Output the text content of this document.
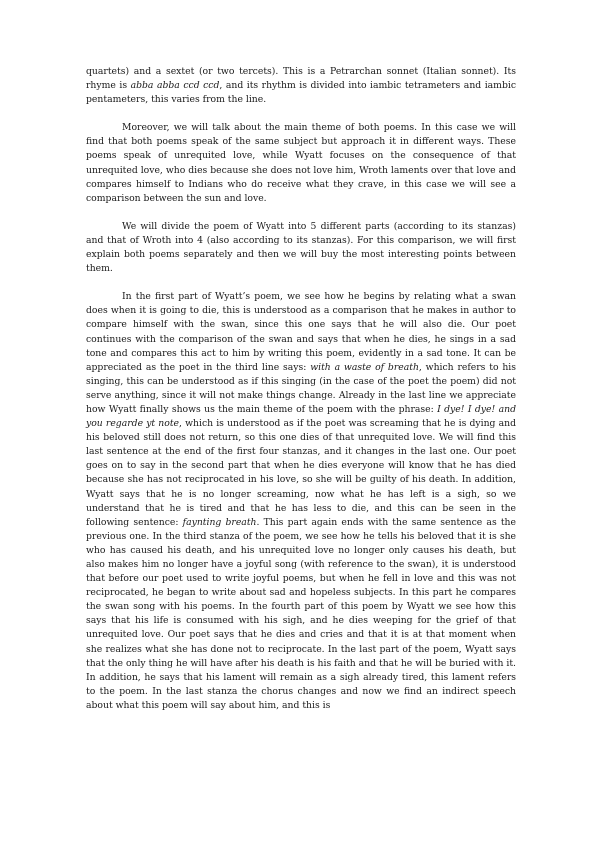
quartets) and a sextet (or two tercets). This is a Petrarchan sonnet (Italian sonnet). Its rhyme is abba abba ccd ccd, and its rhythm is divided into iambic tetrameters and iambic pentameters, this varies from the line.

Moreover, we will talk about the main theme of both poems. In this case we will find that both poems speak of the same subject but approach it in different ways. These poems speak of unrequited love, while Wyatt focuses on the consequence of that unrequited love, who dies because she does not love him, Wroth laments over that love and compares himself to Indians who do receive what they crave, in this case we will see a comparison between the sun and love.

We will divide the poem of Wyatt into 5 different parts (according to its stanzas) and that of Wroth into 4 (also according to its stanzas). For this comparison, we will first explain both poems separately and then we will buy the most interesting points between them.

In the first part of Wyatt’s poem, we see how he begins by relating what a swan does when it is going to die, this is understood as a comparison that he makes in author to compare himself with the swan, since this one says that he will also die. Our poet continues with the comparison of the swan and says that when he dies, he sings in a sad tone and compares this act to him by writing this poem, evidently in a sad tone. It can be appreciated as the poet in the third line says: with a waste of breath, which refers to his singing, this can be understood as if this singing (in the case of the poet the poem) did not serve anything, since it will not make things change. Already in the last line we appreciate how Wyatt finally shows us the main theme of the poem with the phrase: I dye! I dye! and you regarde yt note, which is understood as if the poet was screaming that he is dying and his beloved still does not return, so this one dies of that unrequited love. We will find this last sentence at the end of the first four stanzas, and it changes in the last one. Our poet goes on to say in the second part that when he dies everyone will know that he has died because she has not reciprocated in his love, so she will be guilty of his death. In addition, Wyatt says that he is no longer screaming, now what he has left is a sigh, so we understand that he is tired and that he has less to die, and this can be seen in the following sentence: faynting breath. This part again ends with the same sentence as the previous one. In the third stanza of the poem, we see how he tells his beloved that it is she who has caused his death, and his unrequited love no longer only causes his death, but also makes him no longer have a joyful song (with reference to the swan), it is understood that before our poet used to write joyful poems, but when he fell in love and this was not reciprocated, he began to write about sad and hopeless subjects. In this part he compares the swan song with his poems. In the fourth part of this poem by Wyatt we see how this says that his life is consumed with his sigh, and he dies weeping for the grief of that unrequited love. Our poet says that he dies and cries and that it is at that moment when she realizes what she has done not to reciprocate. In the last part of the poem, Wyatt says that the only thing he will have after his death is his faith and that he will be buried with it. In addition, he says that his lament will remain as a sigh already tired, this lament refers to the poem. In the last stanza the chorus changes and now we find an indirect speech about what this poem will say about him, and this is
